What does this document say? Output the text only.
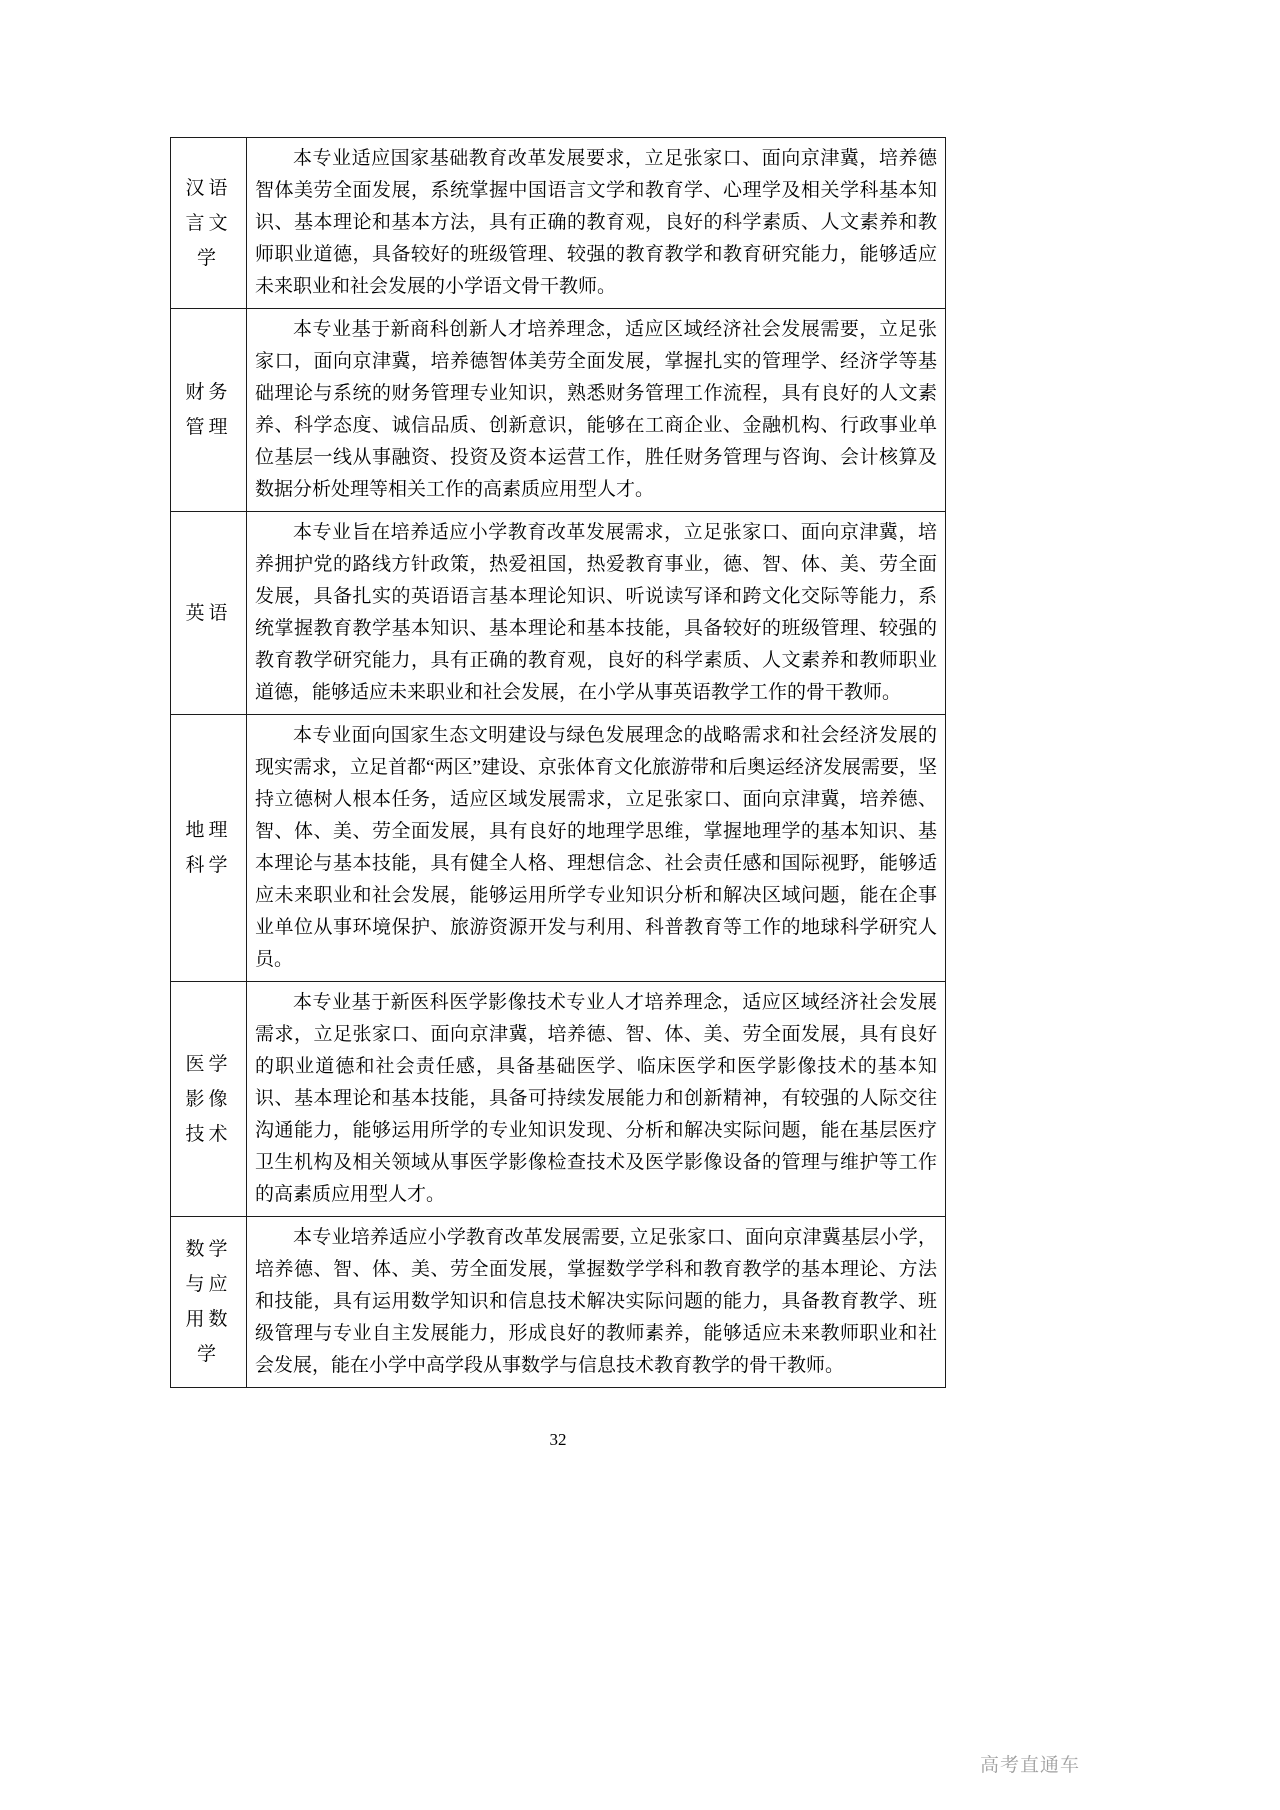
汉语言文学	本专业适应国家基础教育改革发展要求，立足张家口、面向京津冀，培养德智体美劳全面发展，系统掌握中国语言文学和教育学、心理学及相关学科基本知识、基本理论和基本方法，具有正确的教育观，良好的科学素质、人文素养和教师职业道德，具备较好的班级管理、较强的教育教学和教育研究能力，能够适应未来职业和社会发展的小学语文骨干教师。

财务管理	本专业基于新商科创新人才培养理念，适应区域经济社会发展需要，立足张家口，面向京津冀，培养德智体美劳全面发展，掌握扎实的管理学、经济学等基础理论与系统的财务管理专业知识，熟悉财务管理工作流程，具有良好的人文素养、科学态度、诚信品质、创新意识，能够在工商企业、金融机构、行政事业单位基层一线从事融资、投资及资本运营工作，胜任财务管理与咨询、会计核算及数据分析处理等相关工作的高素质应用型人才。

英语	本专业旨在培养适应小学教育改革发展需求，立足张家口、面向京津冀，培养拥护党的路线方针政策，热爱祖国，热爱教育事业，德、智、体、美、劳全面发展，具备扎实的英语语言基本理论知识、听说读写译和跨文化交际等能力，系统掌握教育教学基本知识、基本理论和基本技能，具备较好的班级管理、较强的教育教学研究能力，具有正确的教育观，良好的科学素质、人文素养和教师职业道德，能够适应未来职业和社会发展，在小学从事英语教学工作的骨干教师。

地理科学	本专业面向国家生态文明建设与绿色发展理念的战略需求和社会经济发展的现实需求，立足首都“两区”建设、京张体育文化旅游带和后奥运经济发展需要，坚持立德树人根本任务，适应区域发展需求，立足张家口、面向京津冀，培养德、智、体、美、劳全面发展，具有良好的地理学思维，掌握地理学的基本知识、基本理论与基本技能，具有健全人格、理想信念、社会责任感和国际视野，能够适应未来职业和社会发展，能够运用所学专业知识分析和解决区域问题，能在企事业单位从事环境保护、旅游资源开发与利用、科普教育等工作的地球科学研究人员。

医学影像技术	本专业基于新医科医学影像技术专业人才培养理念，适应区域经济社会发展需求，立足张家口、面向京津冀，培养德、智、体、美、劳全面发展，具有良好的职业道德和社会责任感，具备基础医学、临床医学和医学影像技术的基本知识、基本理论和基本技能，具备可持续发展能力和创新精神，有较强的人际交往沟通能力，能够运用所学的专业知识发现、分析和解决实际问题，能在基层医疗卫生机构及相关领域从事医学影像检查技术及医学影像设备的管理与维护等工作的高素质应用型人才。

数学与应用数学	本专业培养适应小学教育改革发展需要, 立足张家口、面向京津冀基层小学，培养德、智、体、美、劳全面发展，掌握数学学科和教育教学的基本理论、方法和技能，具有运用数学知识和信息技术解决实际问题的能力，具备教育教学、班级管理与专业自主发展能力，形成良好的教师素养，能够适应未来教师职业和社会发展，能在小学中高学段从事数学与信息技术教育教学的骨干教师。

32
高考直通车
